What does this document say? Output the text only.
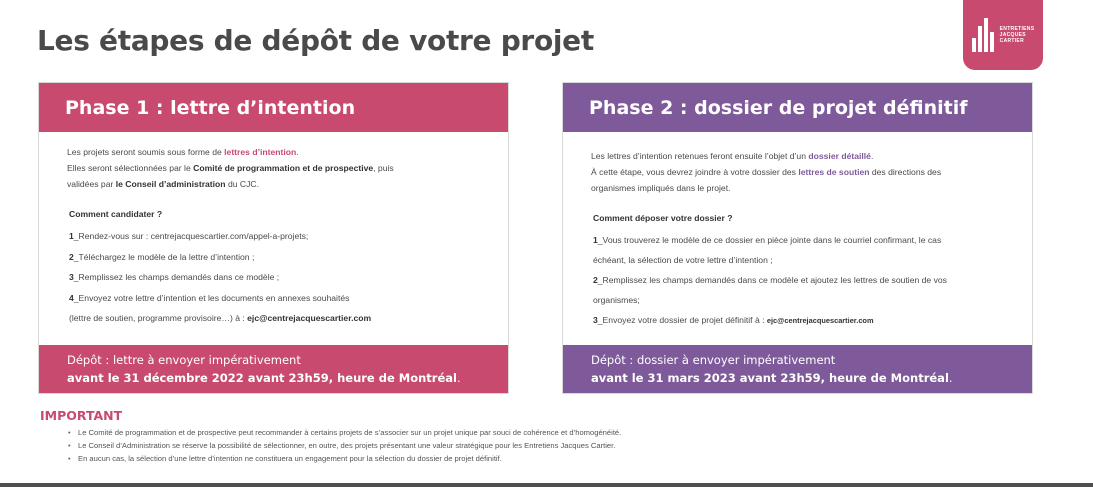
Les étapes de dépôt de votre projet	ENTRETIENS
JACQUES
CARTIER
Phase 1 : lettre d’intention
Les projets seront soumis sous forme de lettres d’intention.
Elles seront sélectionnées par le Comité de programmation et de prospective, puis
validées par le Conseil d’administration du CJC.
Comment candidater ?
1_Rendez-vous sur : centrejacquescartier.com/appel-a-projets;
2_Téléchargez le modèle de la lettre d’intention ;
3_Remplissez les champs demandés dans ce modèle ;
4_Envoyez votre lettre d’intention et les documents en annexes souhaités
(lettre de soutien, programme provisoire…) à : ejc@centrejacquescartier.com
Dépôt : lettre à envoyer impérativement
avant le 31 décembre 2022 avant 23h59, heure de Montréal.
Phase 2 : dossier de projet définitif
Les lettres d’intention retenues feront ensuite l’objet d’un dossier détaillé.
À cette étape, vous devrez joindre à votre dossier des lettres de soutien des directions des
organismes impliqués dans le projet.
Comment déposer votre dossier ?
1_Vous trouverez le modèle de ce dossier en pièce jointe dans le courriel confirmant, le cas
échéant, la sélection de votre lettre d’intention ;
2_Remplissez les champs demandés dans ce modèle et ajoutez les lettres de soutien de vos
organismes;
3_Envoyez votre dossier de projet définitif à : ejc@centrejacquescartier.com
Dépôt : dossier à envoyer impérativement
avant le 31 mars 2023 avant 23h59, heure de Montréal.
IMPORTANT
• Le Comité de programmation et de prospective peut recommander à certains projets de s’associer sur un projet unique par souci de cohérence et d’homogénéité.
• Le Conseil d’Administration se réserve la possibilité de sélectionner, en outre, des projets présentant une valeur stratégique pour les Entretiens Jacques Cartier.
• En aucun cas, la sélection d’une lettre d’intention ne constituera un engagement pour la sélection du dossier de projet définitif.
